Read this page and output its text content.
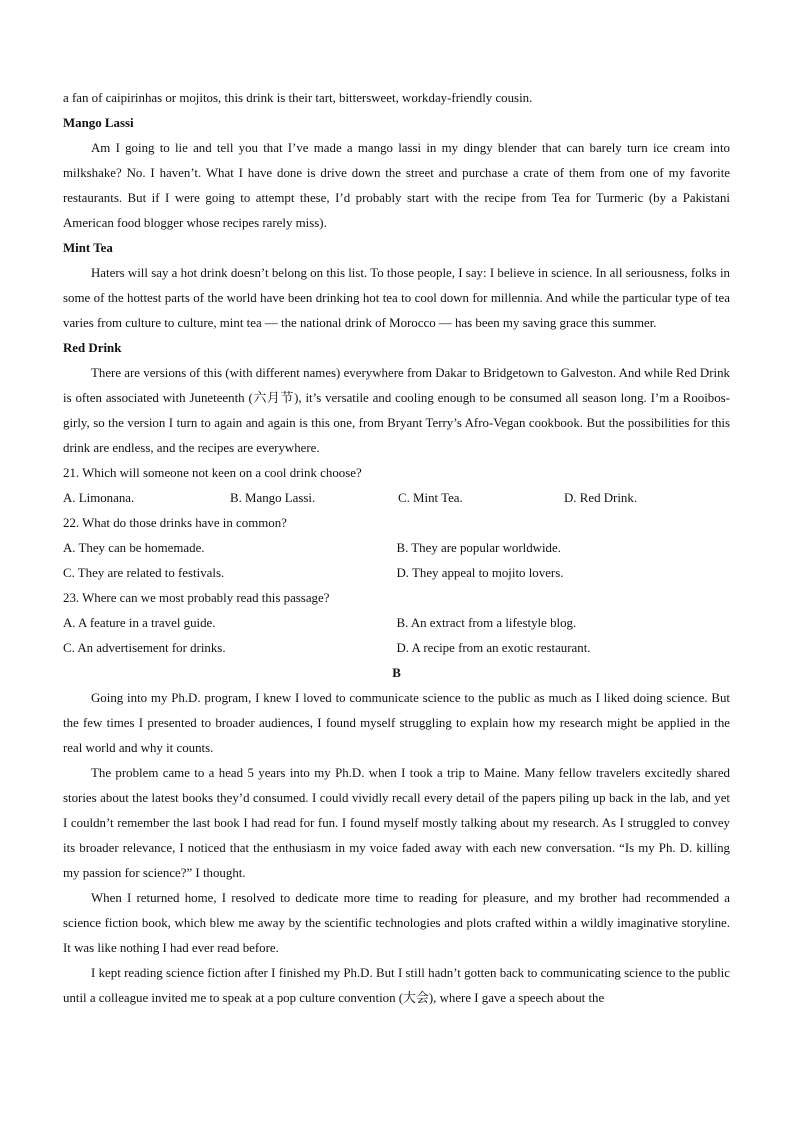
a fan of caipirinhas or mojitos, this drink is their tart, bittersweet, workday-friendly cousin.

Mango Lassi

Am I going to lie and tell you that I’ve made a mango lassi in my dingy blender that can barely turn ice cream into milkshake? No. I haven’t. What I have done is drive down the street and purchase a crate of them from one of my favorite restaurants. But if I were going to attempt these, I’d probably start with the recipe from Tea for Turmeric (by a Pakistani American food blogger whose recipes rarely miss).

Mint Tea

Haters will say a hot drink doesn’t belong on this list. To those people, I say: I believe in science. In all seriousness, folks in some of the hottest parts of the world have been drinking hot tea to cool down for millennia. And while the particular type of tea varies from culture to culture, mint tea — the national drink of Morocco — has been my saving grace this summer.

Red Drink

There are versions of this (with different names) everywhere from Dakar to Bridgetown to Galveston. And while Red Drink is often associated with Juneteenth (六月节), it’s versatile and cooling enough to be consumed all season long. I’m a Rooibos-girly, so the version I turn to again and again is this one, from Bryant Terry’s Afro-Vegan cookbook. But the possibilities for this drink are endless, and the recipes are everywhere.

21. Which will someone not keen on a cool drink choose?

A. Limonana.	B. Mango Lassi.	C. Mint Tea.	D. Red Drink.

22. What do those drinks have in common?

A. They can be homemade.	B. They are popular worldwide.
C. They are related to festivals.	D. They appeal to mojito lovers.

23. Where can we most probably read this passage?

A. A feature in a travel guide.	B. An extract from a lifestyle blog.
C. An advertisement for drinks.	D. A recipe from an exotic restaurant.

B

Going into my Ph.D. program, I knew I loved to communicate science to the public as much as I liked doing science. But the few times I presented to broader audiences, I found myself struggling to explain how my research might be applied in the real world and why it counts.

The problem came to a head 5 years into my Ph.D. when I took a trip to Maine. Many fellow travelers excitedly shared stories about the latest books they’d consumed. I could vividly recall every detail of the papers piling up back in the lab, and yet I couldn’t remember the last book I had read for fun. I found myself mostly talking about my research. As I struggled to convey its broader relevance, I noticed that the enthusiasm in my voice faded away with each new conversation. “Is my Ph. D. killing my passion for science?” I thought.

When I returned home, I resolved to dedicate more time to reading for pleasure, and my brother had recommended a science fiction book, which blew me away by the scientific technologies and plots crafted within a wildly imaginative storyline. It was like nothing I had ever read before.

I kept reading science fiction after I finished my Ph.D. But I still hadn’t gotten back to communicating science to the public until a colleague invited me to speak at a pop culture convention (大会), where I gave a speech about the
